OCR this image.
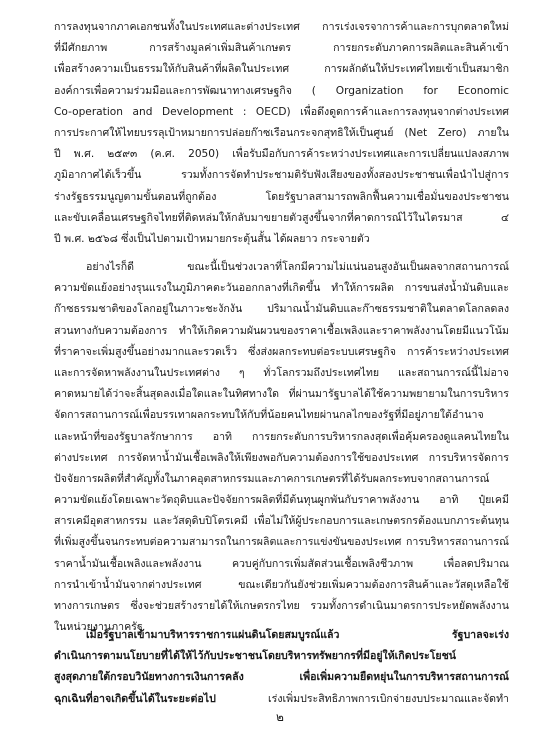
การลงทุนจากภาคเอกชนทั้งในประเทศและต่างประเทศ การเร่งเจรจาการค้าและการบุกตลาดใหม่
ที่มีศักยภาพ การสร้างมูลค่าเพิ่มสินค้าเกษตร การยกระดับภาคการผลิตและสินค้าเข้า
เพื่อสร้างความเป็นธรรมให้กับสินค้าที่ผลิตในประเทศ การผลักดันให้ประเทศไทยเข้าเป็นสมาชิก
องค์การเพื่อความร่วมมือและการพัฒนาทางเศรษฐกิจ ( Organization for Economic
Co-operation and Development : OECD) เพื่อดึงดูดการค้าและการลงทุนจากต่างประเทศ
การประกาศให้ไทยบรรลุเป้าหมายการปล่อยก๊าซเรือนกระจกสุทธิให้เป็นศูนย์ (Net Zero) ภายใน
ปี พ.ศ. ๒๕๙๓ (ค.ศ. 2050) เพื่อรับมือกับการค้าระหว่างประเทศและการเปลี่ยนแปลงสภาพ
ภูมิอากาศได้เร็วขึ้น รวมทั้งการจัดทำประชามติรับฟังเสียงของทั้งสองประชาชนเพื่อนำไปสู่การ
ร่างรัฐธรรมนูญตามขั้นตอนที่ถูกต้อง โดยรัฐบาลสามารถพลิกฟื้นความเชื่อมั่นของประชาชน
และขับเคลื่อนเศรษฐกิจไทยที่ติดหล่มให้กลับมาขยายตัวสูงขึ้นจากที่คาดการณ์ไว้ในไตรมาส ๔
ปี พ.ศ. ๒๕๖๘ ซึ่งเป็นไปตามเป้าหมายกระตุ้นสั้น ได้ผลยาว กระจายตัว
อย่างไรก็ดี ขณะนี้เป็นช่วงเวลาที่โลกมีความไม่แน่นอนสูงอันเป็นผลจากสถานการณ์
ความขัดแย้งอย่างรุนแรงในภูมิภาคตะวันออกกลางที่เกิดขึ้น ทำให้การผลิต การขนส่งน้ำมันดิบและ
ก๊าซธรรมชาติของโลกอยู่ในภาวะชะงักงัน ปริมาณน้ำมันดิบและก๊าซธรรมชาติในตลาดโลกลดลง
สวนทางกับความต้องการ ทำให้เกิดความผันผวนของราคาเชื้อเพลิงและราคาพลังงานโดยมีแนวโน้ม
ที่ราคาจะเพิ่มสูงขึ้นอย่างมากและรวดเร็ว ซึ่งส่งผลกระทบต่อระบบเศรษฐกิจ การค้าระหว่างประเทศ
และการจัดหาพลังงานในประเทศต่าง ๆ ทั่วโลกรวมถึงประเทศไทย และสถานการณ์นี้ไม่อาจ
คาดหมายได้ว่าจะสิ้นสุดลงเมื่อใดและในทิศทางใด ที่ผ่านมารัฐบาลได้ใช้ความพยายามในการบริหาร
จัดการสถานการณ์เพื่อบรรเทาผลกระทบให้กับที่น้อยคนไทยผ่านกลไกของรัฐที่มีอยู่ภายใต้อำนาจ
และหน้าที่ของรัฐบาลรักษาการ อาทิ การยกระดับการบริหารกลงสุดเพื่อคุ้มครองดูแลคนไทยใน
ต่างประเทศ การจัดหาน้ำมันเชื้อเพลิงให้เพียงพอกับความต้องการใช้ของประเทศ การบริหารจัดการ
ปัจจัยการผลิตที่สำคัญทั้งในภาคอุตสาหกรรมและภาคการเกษตรที่ได้รับผลกระทบจากสถานการณ์
ความขัดแย้งโดยเฉพาะวัตถุดิบและปัจจัยการผลิตที่มีต้นทุนผูกพันกับราคาพลังงาน อาทิ ปุ๋ยเคมี
สารเคมีอุตสาหกรรม และวัสดุดิบปิโตรเคมี เพื่อไม่ให้ผู้ประกอบการและเกษตรกรต้องแบกภาระต้นทุน
ที่เพิ่มสูงขึ้นจนกระทบต่อความสามารถในการผลิตและการแข่งขันของประเทศ การบริหารสถานการณ์
ราคาน้ำมันเชื้อเพลิงและพลังงาน ควบคู่กับการเพิ่มสัดส่วนเชื้อเพลิงชีวภาพ เพื่อลดปริมาณ
การนำเข้าน้ำมันจากต่างประเทศ ขณะเดียวกันยังช่วยเพิ่มความต้องการสินค้าและวัสดุเหลือใช้
ทางการเกษตร ซึ่งจะช่วยสร้างรายได้ให้เกษตรกรไทย รวมทั้งการดำเนินมาตรการประหยัดพลังงาน
ในหน่วยงานภาครัฐ
เมื่อรัฐบาลเข้ามาบริหารราชการแผ่นดินโดยสมบูรณ์แล้ว รัฐบาลจะเร่ง
ดำเนินการตามนโยบายที่ได้ให้ไว้กับประชาชนโดยบริหารทรัพยากรที่มีอยู่ให้เกิดประโยชน์
สูงสุดภายใต้กรอบวินัยทางการเงินการคลัง เพื่อเพิ่มความยืดหยุ่นในการบริหารสถานการณ์
ฉุกเฉินที่อาจเกิดขึ้นได้ในระยะต่อไป เร่งเพิ่มประสิทธิภาพการเบิกจ่ายงบประมาณและจัดทำ
๒
